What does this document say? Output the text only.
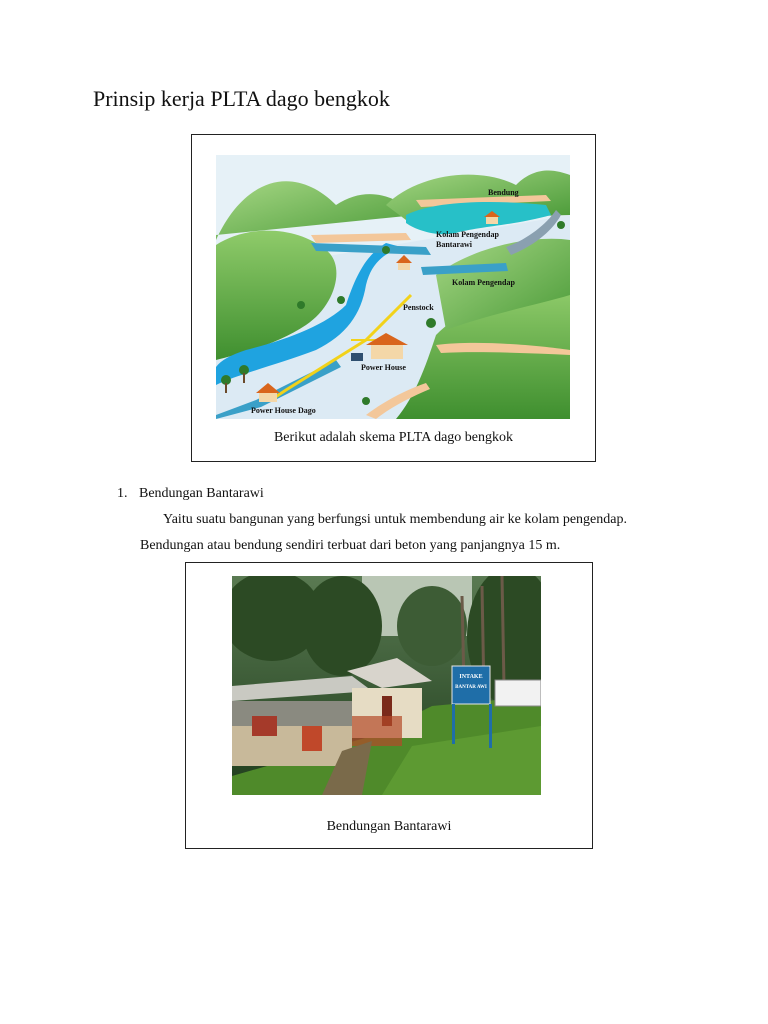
Prinsip kerja PLTA dago bengkok
Bendung
Kolam Pengendap
Bantarawi
Kolam Pengendap
Penstock
Power House
Power House Dago
Berikut adalah skema PLTA dago bengkok
1. Bendungan Bantarawi
Yaitu suatu bangunan yang berfungsi untuk membendung air ke kolam pengendap.
Bendungan atau bendung sendiri terbuat dari beton yang panjangnya 15 m.
INTAKE
BANTAR AWI
Bendungan Bantarawi
